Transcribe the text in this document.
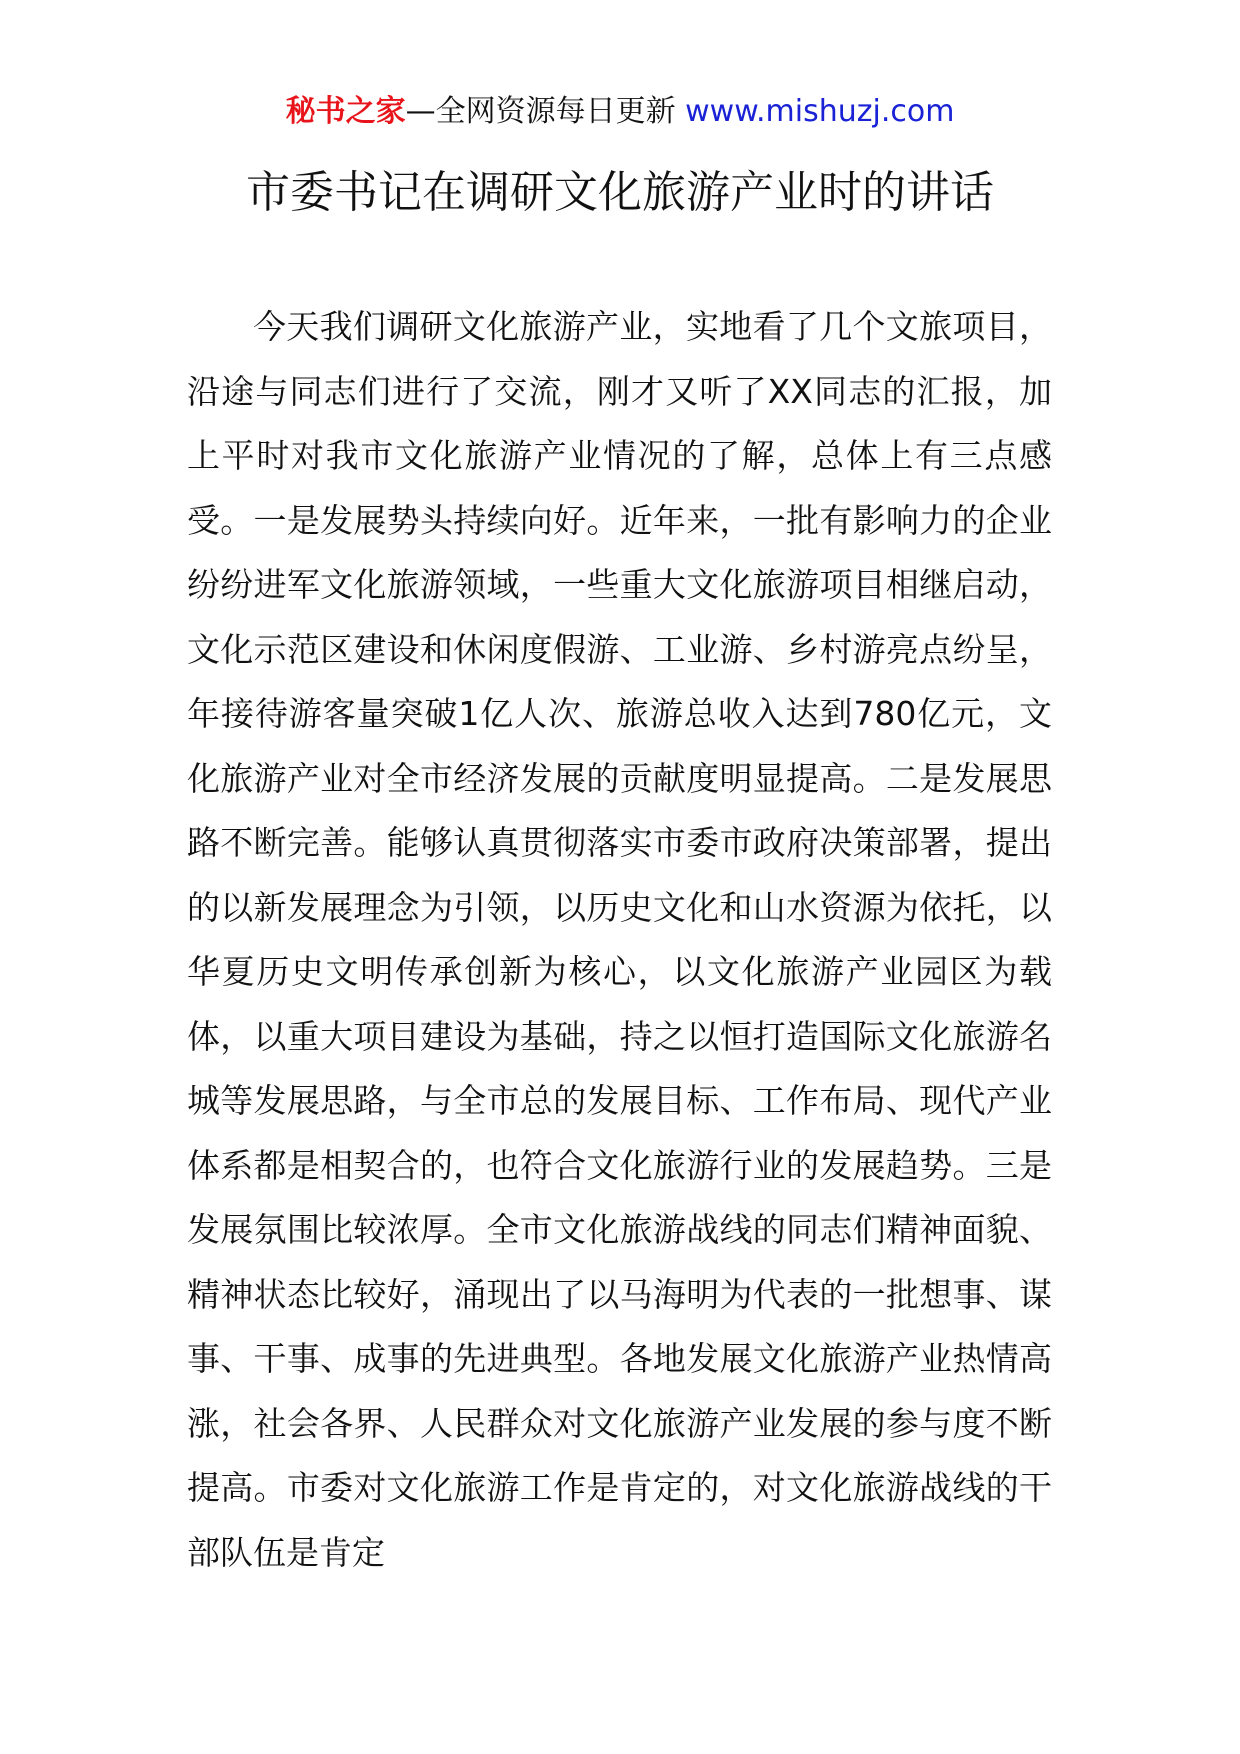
秘书之家—全网资源每日更新 www.mishuzj.com
市委书记在调研文化旅游产业时的讲话

今天我们调研文化旅游产业，实地看了几个文旅项目，沿途与同志们进行了交流，刚才又听了XX同志的汇报，加上平时对我市文化旅游产业情况的了解，总体上有三点感受。一是发展势头持续向好。近年来，一批有影响力的企业纷纷进军文化旅游领域，一些重大文化旅游项目相继启动，文化示范区建设和休闲度假游、工业游、乡村游亮点纷呈，年接待游客量突破1亿人次、旅游总收入达到780亿元，文化旅游产业对全市经济发展的贡献度明显提高。二是发展思路不断完善。能够认真贯彻落实市委市政府决策部署，提出的以新发展理念为引领，以历史文化和山水资源为依托，以华夏历史文明传承创新为核心，以文化旅游产业园区为载体，以重大项目建设为基础，持之以恒打造国际文化旅游名城等发展思路，与全市总的发展目标、工作布局、现代产业体系都是相契合的，也符合文化旅游行业的发展趋势。三是发展氛围比较浓厚。全市文化旅游战线的同志们精神面貌、精神状态比较好，涌现出了以马海明为代表的一批想事、谋事、干事、成事的先进典型。各地发展文化旅游产业热情高涨，社会各界、人民群众对文化旅游产业发展的参与度不断提高。市委对文化旅游工作是肯定的，对文化旅游战线的干部队伍是肯定
